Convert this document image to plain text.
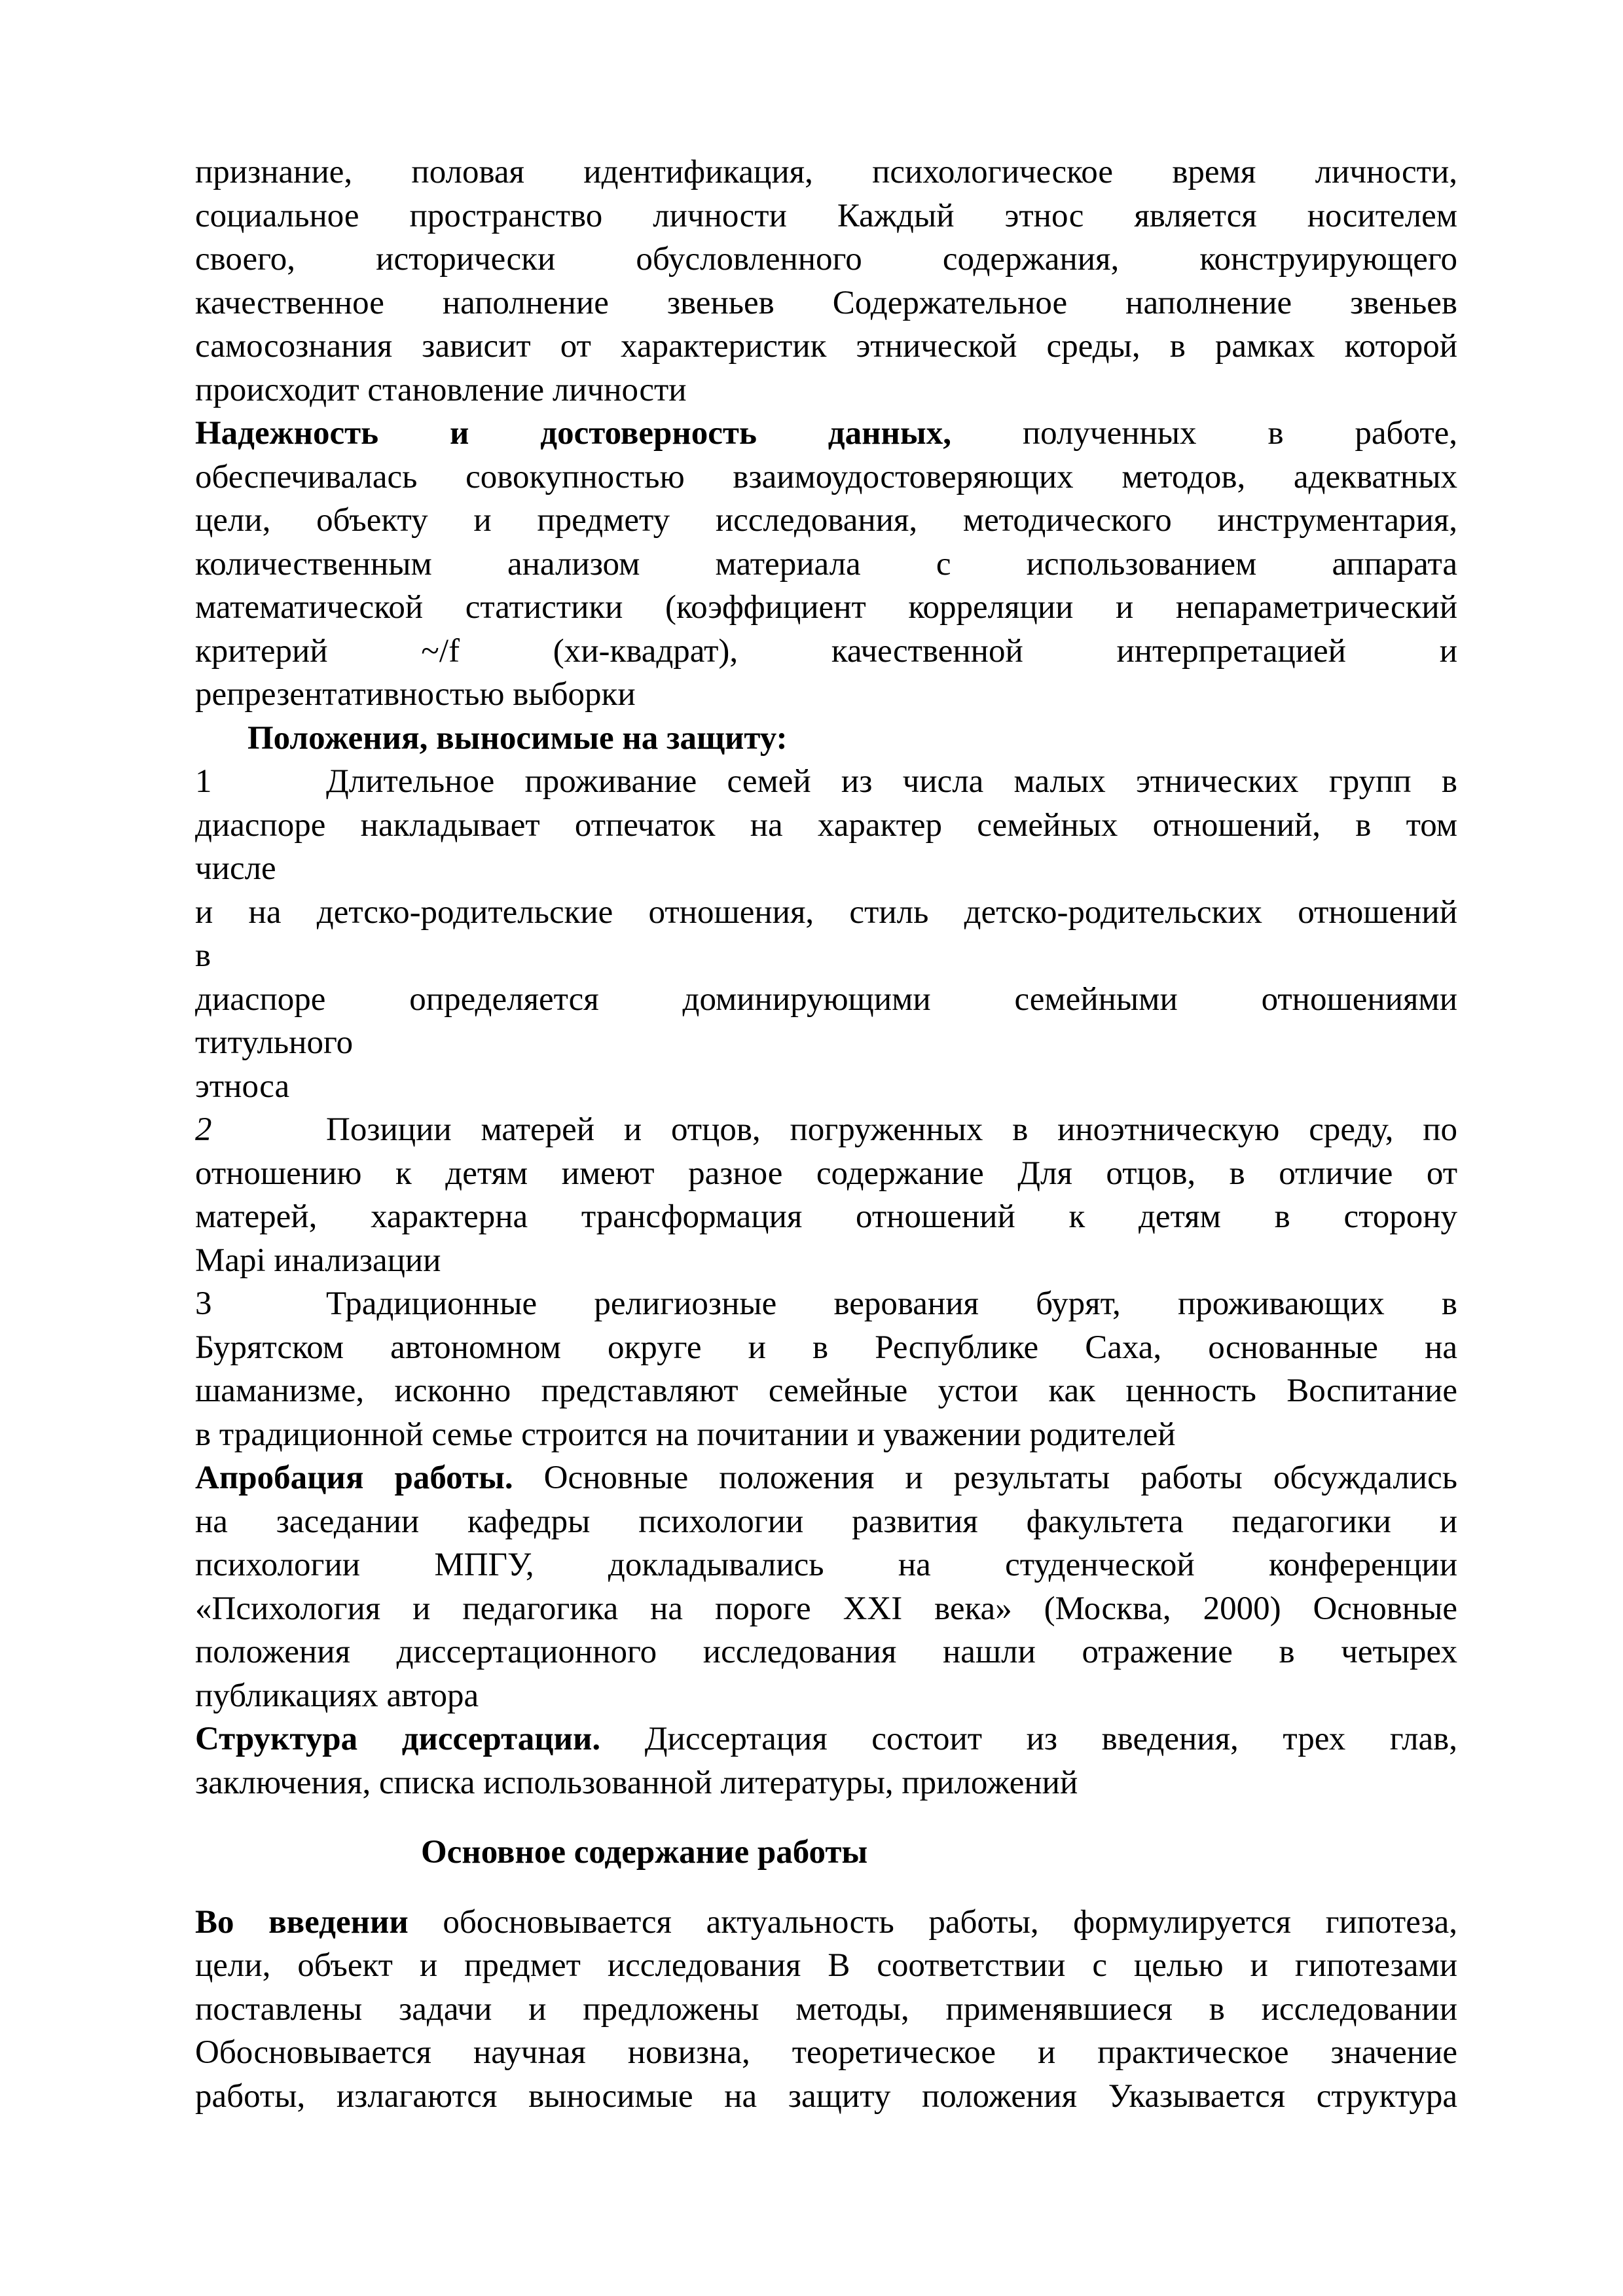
признание, половая идентификация, психологическое время личности,
социальное пространство личности Каждый этнос является носителем
своего, исторически обусловленного содержания, конструирующего
качественное наполнение звеньев Содержательное наполнение звеньев
самосознания зависит от характеристик этнической среды, в рамках которой
происходит становление личности
Надежность и достоверность данных, полученных в работе,
обеспечивалась совокупностью взаимоудостоверяющих методов, адекватных
цели, объекту и предмету исследования, методического инструментария,
количественным анализом материала с использованием аппарата
математической статистики (коэффициент корреляции и непараметрический
критерий ~/f (хи-квадрат), качественной интерпретацией и
репрезентативностью выборки
Положения, выносимые на защиту:
1	Длительное проживание семей из числа малых этнических групп в
диаспоре накладывает отпечаток на характер семейных отношений, в том
числе
и на детско-родительские отношения, стиль детско-родительских отношений
в
диаспоре определяется доминирующими семейными отношениями
титульного
этноса
2	Позиции матерей и отцов, погруженных в иноэтническую среду, по
отношению к детям имеют разное содержание Для отцов, в отличие от
матерей, характерна трансформация отношений к детям в сторону
Марі инализации
3	Традиционные религиозные верования бурят, проживающих в
Бурятском автономном округе и в Республике Саха, основанные на
шаманизме, исконно представляют семейные устои как ценность Воспитание
в традиционной семье строится на почитании и уважении родителей
Апробация работы. Основные положения и результаты работы обсуждались
на заседании кафедры психологии развития факультета педагогики и
психологии МПГУ, докладывались на студенческой конференции
«Психология и педагогика на пороге XXI века» (Москва, 2000) Основные
положения диссертационного исследования нашли отражение в четырех
публикациях автора
Структура диссертации. Диссертация состоит из введения, трех глав,
заключения, списка использованной литературы, приложений
Основное содержание работы
Во введении обосновывается актуальность работы, формулируется гипотеза,
цели, объект и предмет исследования В соответствии с целью и гипотезами
поставлены задачи и предложены методы, применявшиеся в исследовании
Обосновывается научная новизна, теоретическое и практическое значение
работы, излагаются выносимые на защиту положения Указывается структура
